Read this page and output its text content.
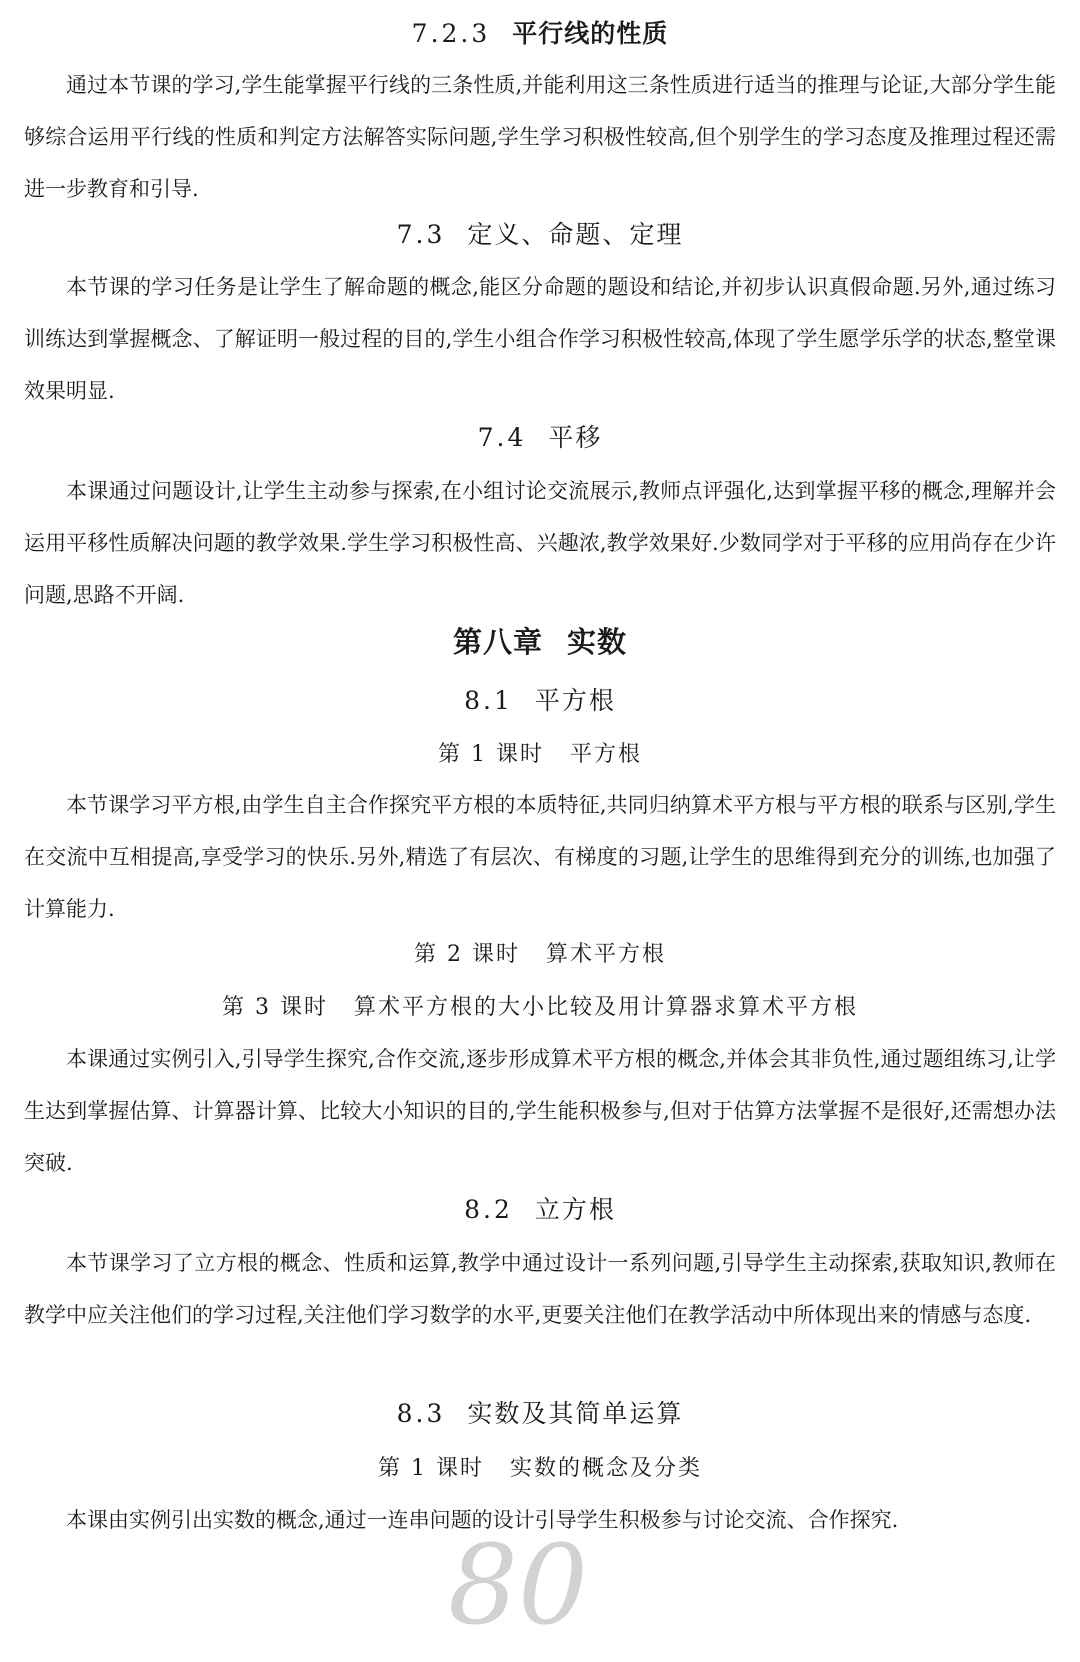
80
7.2.3 平行线的性质

通过本节课的学习,学生能掌握平行线的三条性质,并能利用这三条性质进行适当的推理与论证,大部分学生能够综合运用平行线的性质和判定方法解答实际问题,学生学习积极性较高,但个别学生的学习态度及推理过程还需进一步教育和引导.

7.3 定义、命题、定理

本节课的学习任务是让学生了解命题的概念,能区分命题的题设和结论,并初步认识真假命题.另外,通过练习训练达到掌握概念、了解证明一般过程的目的,学生小组合作学习积极性较高,体现了学生愿学乐学的状态,整堂课效果明显.

7.4 平移

本课通过问题设计,让学生主动参与探索,在小组讨论交流展示,教师点评强化,达到掌握平移的概念,理解并会运用平移性质解决问题的教学效果.学生学习积极性高、兴趣浓,教学效果好.少数同学对于平移的应用尚存在少许问题,思路不开阔.

第八章 实数
8.1 平方根
第 1 课时 平方根

本节课学习平方根,由学生自主合作探究平方根的本质特征,共同归纳算术平方根与平方根的联系与区别,学生在交流中互相提高,享受学习的快乐.另外,精选了有层次、有梯度的习题,让学生的思维得到充分的训练,也加强了计算能力.

第 2 课时 算术平方根
第 3 课时 算术平方根的大小比较及用计算器求算术平方根

本课通过实例引入,引导学生探究,合作交流,逐步形成算术平方根的概念,并体会其非负性,通过题组练习,让学生达到掌握估算、计算器计算、比较大小知识的目的,学生能积极参与,但对于估算方法掌握不是很好,还需想办法突破.

8.2 立方根

本节课学习了立方根的概念、性质和运算,教学中通过设计一系列问题,引导学生主动探索,获取知识,教师在教学中应关注他们的学习过程,关注他们学习数学的水平,更要关注他们在教学活动中所体现出来的情感与态度.

8.3 实数及其简单运算
第 1 课时 实数的概念及分类

本课由实例引出实数的概念,通过一连串问题的设计引导学生积极参与讨论交流、合作探究.
